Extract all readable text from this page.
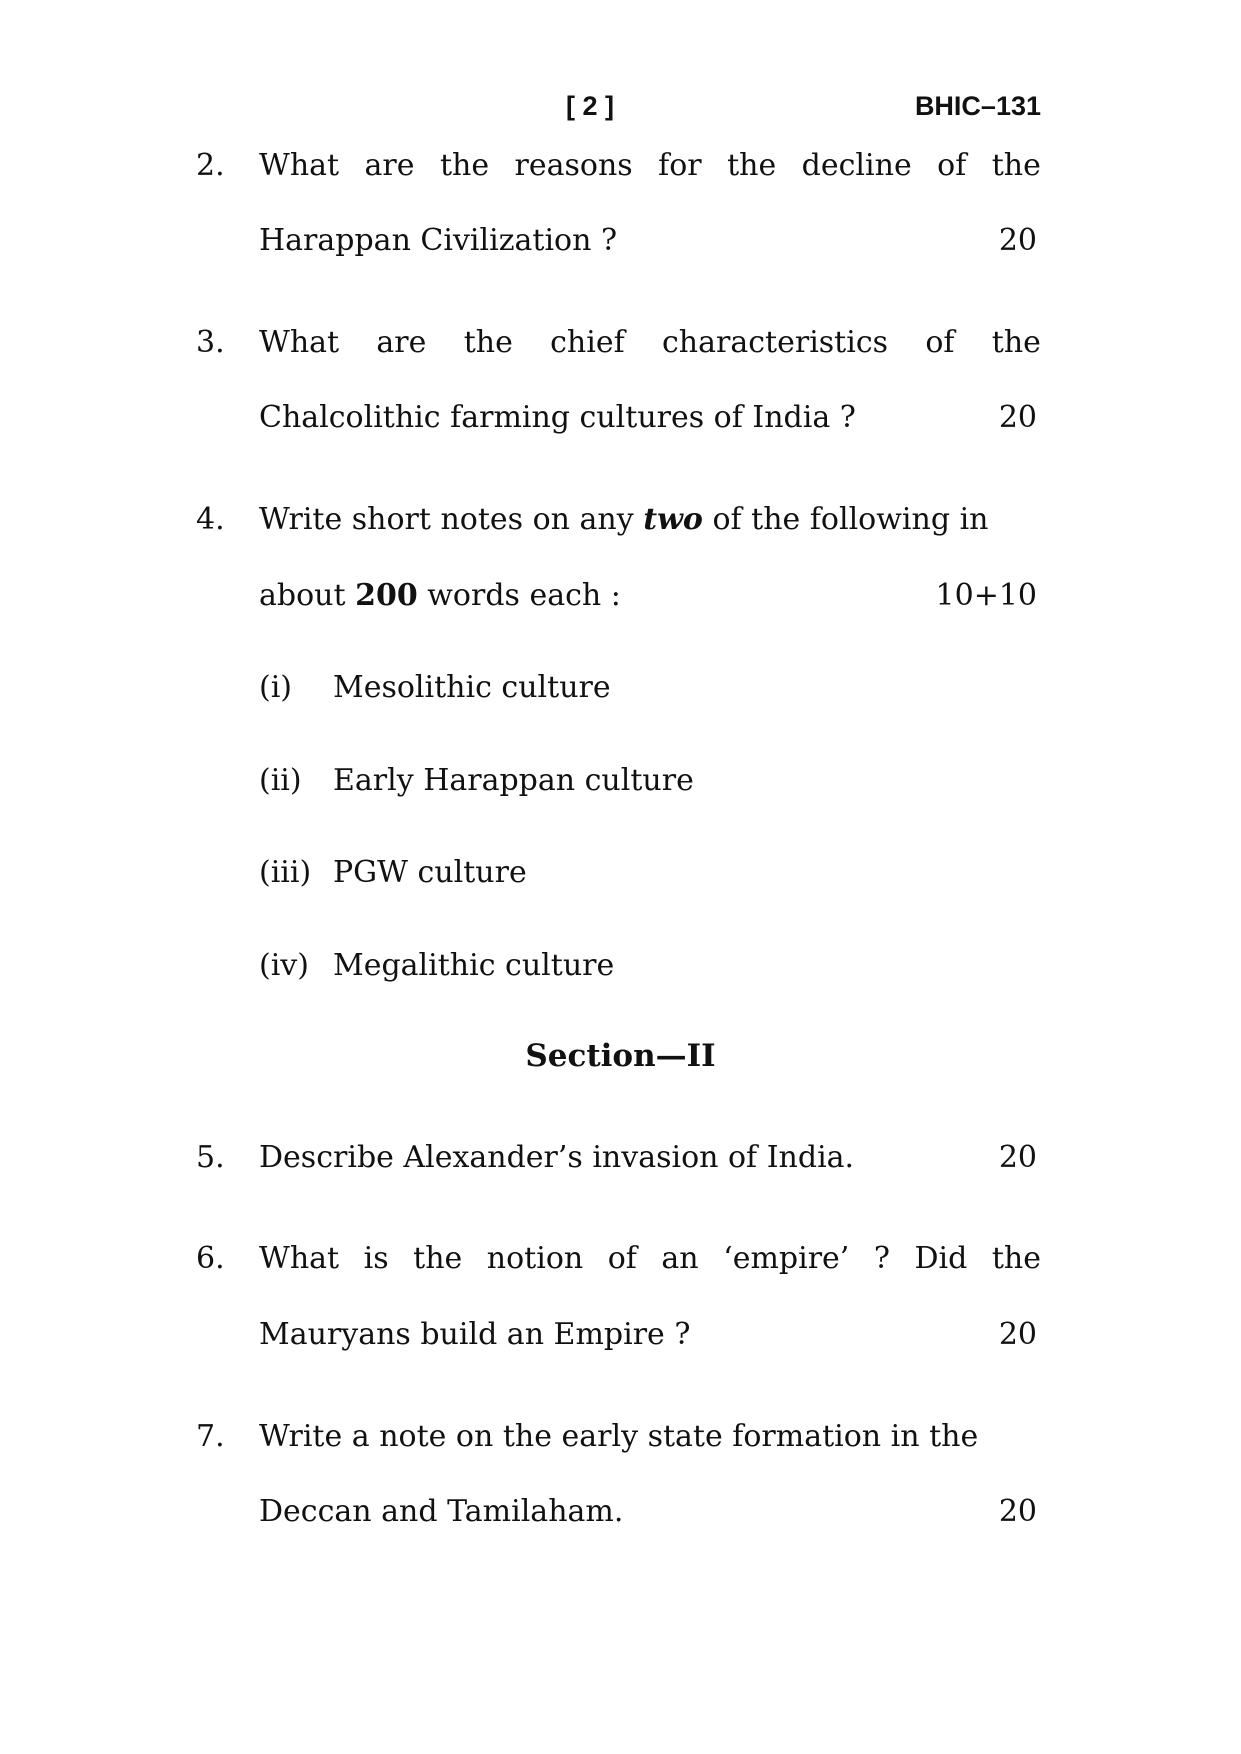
[ 2 ]	BHIC–131
2. What are the reasons for the decline of the
Harappan Civilization ?	20
3. What are the chief characteristics of the
Chalcolithic farming cultures of India ?	20
4. Write short notes on any two of the following in
about 200 words each :	10+10
(i) Mesolithic culture
(ii) Early Harappan culture
(iii) PGW culture
(iv) Megalithic culture
Section—II
5. Describe Alexander’s invasion of India.	20
6. What is the notion of an ‘empire’ ? Did the
Mauryans build an Empire ?	20
7. Write a note on the early state formation in the
Deccan and Tamilaham.	20
